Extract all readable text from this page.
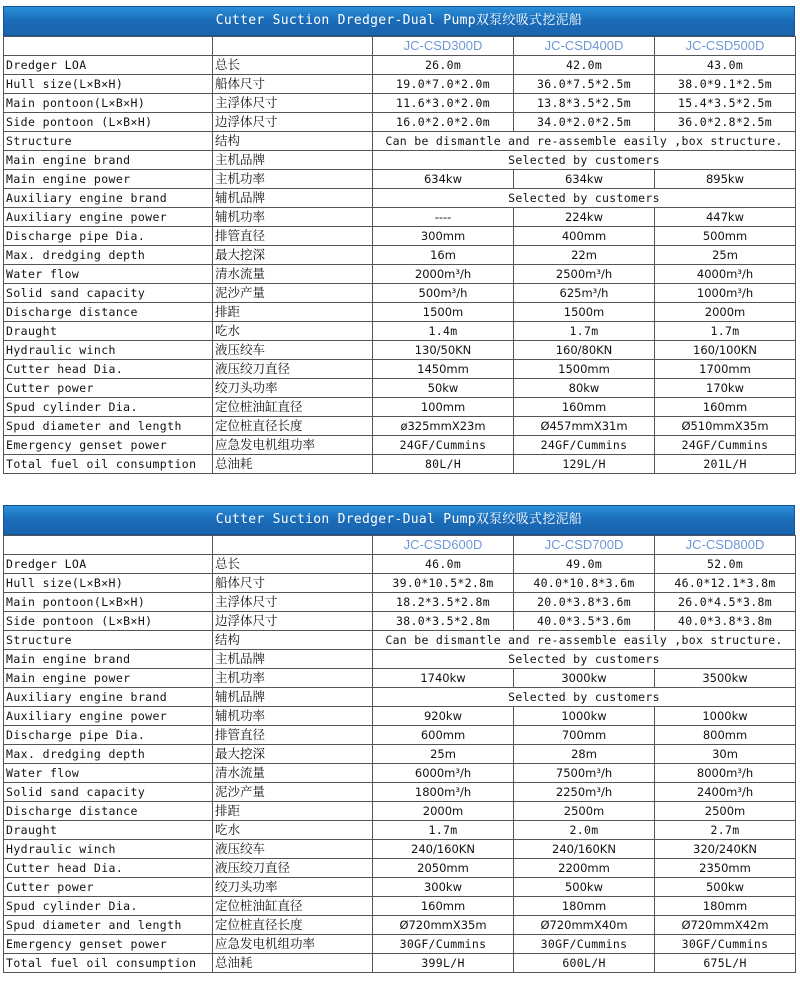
Cutter Suction Dredger-Dual Pump双泵绞吸式挖泥船
		JC-CSD300D	JC-CSD400D	JC-CSD500D
Dredger LOA	总长	26.0m	42.0m	43.0m
Hull size(L×B×H)	船体尺寸	19.0*7.0*2.0m	36.0*7.5*2.5m	38.0*9.1*2.5m
Main pontoon(L×B×H)	主浮体尺寸	11.6*3.0*2.0m	13.8*3.5*2.5m	15.4*3.5*2.5m
Side pontoon (L×B×H)	边浮体尺寸	16.0*2.0*2.0m	34.0*2.0*2.5m	36.0*2.8*2.5m
Structure	结构	Can be dismantle and re-assemble easily ,box structure.		
Main engine brand	主机品牌	Selected by customers		
Main engine power	主机功率	634kw	634kw	895kw
Auxiliary engine brand	辅机品牌	Selected by customers		
Auxiliary engine power	辅机功率	----	224kw	447kw
Discharge pipe Dia.	排管直径	300mm	400mm	500mm
Max. dredging depth	最大挖深	16m	22m	25m
Water flow	清水流量	2000m³/h	2500m³/h	4000m³/h
Solid sand capacity	泥沙产量	500m³/h	625m³/h	1000m³/h
Discharge distance	排距	1500m	1500m	2000m
Draught	吃水	1.4m	1.7m	1.7m
Hydraulic winch	液压绞车	130/50KN	160/80KN	160/100KN
Cutter head Dia.	液压绞刀直径	1450mm	1500mm	1700mm
Cutter power	绞刀头功率	50kw	80kw	170kw
Spud cylinder Dia.	定位桩油缸直径	100mm	160mm	160mm
Spud diameter and length	定位桩直径长度	ø325mmX23m	Ø457mmX31m	Ø510mmX35m
Emergency genset power	应急发电机组功率	24GF/Cummins	24GF/Cummins	24GF/Cummins
Total fuel oil consumption	总油耗	80L/H	129L/H	201L/H
Cutter Suction Dredger-Dual Pump双泵绞吸式挖泥船
		JC-CSD600D	JC-CSD700D	JC-CSD800D
Dredger LOA	总长	46.0m	49.0m	52.0m
Hull size(L×B×H)	船体尺寸	39.0*10.5*2.8m	40.0*10.8*3.6m	46.0*12.1*3.8m
Main pontoon(L×B×H)	主浮体尺寸	18.2*3.5*2.8m	20.0*3.8*3.6m	26.0*4.5*3.8m
Side pontoon (L×B×H)	边浮体尺寸	38.0*3.5*2.8m	40.0*3.5*3.6m	40.0*3.8*3.8m
Structure	结构	Can be dismantle and re-assemble easily ,box structure.		
Main engine brand	主机品牌	Selected by customers		
Main engine power	主机功率	1740kw	3000kw	3500kw
Auxiliary engine brand	辅机品牌	Selected by customers		
Auxiliary engine power	辅机功率	920kw	1000kw	1000kw
Discharge pipe Dia.	排管直径	600mm	700mm	800mm
Max. dredging depth	最大挖深	25m	28m	30m
Water flow	清水流量	6000m³/h	7500m³/h	8000m³/h
Solid sand capacity	泥沙产量	1800m³/h	2250m³/h	2400m³/h
Discharge distance	排距	2000m	2500m	2500m
Draught	吃水	1.7m	2.0m	2.7m
Hydraulic winch	液压绞车	240/160KN	240/160KN	320/240KN
Cutter head Dia.	液压绞刀直径	2050mm	2200mm	2350mm
Cutter power	绞刀头功率	300kw	500kw	500kw
Spud cylinder Dia.	定位桩油缸直径	160mm	180mm	180mm
Spud diameter and length	定位桩直径长度	Ø720mmX35m	Ø720mmX40m	Ø720mmX42m
Emergency genset power	应急发电机组功率	30GF/Cummins	30GF/Cummins	30GF/Cummins
Total fuel oil consumption	总油耗	399L/H	600L/H	675L/H
